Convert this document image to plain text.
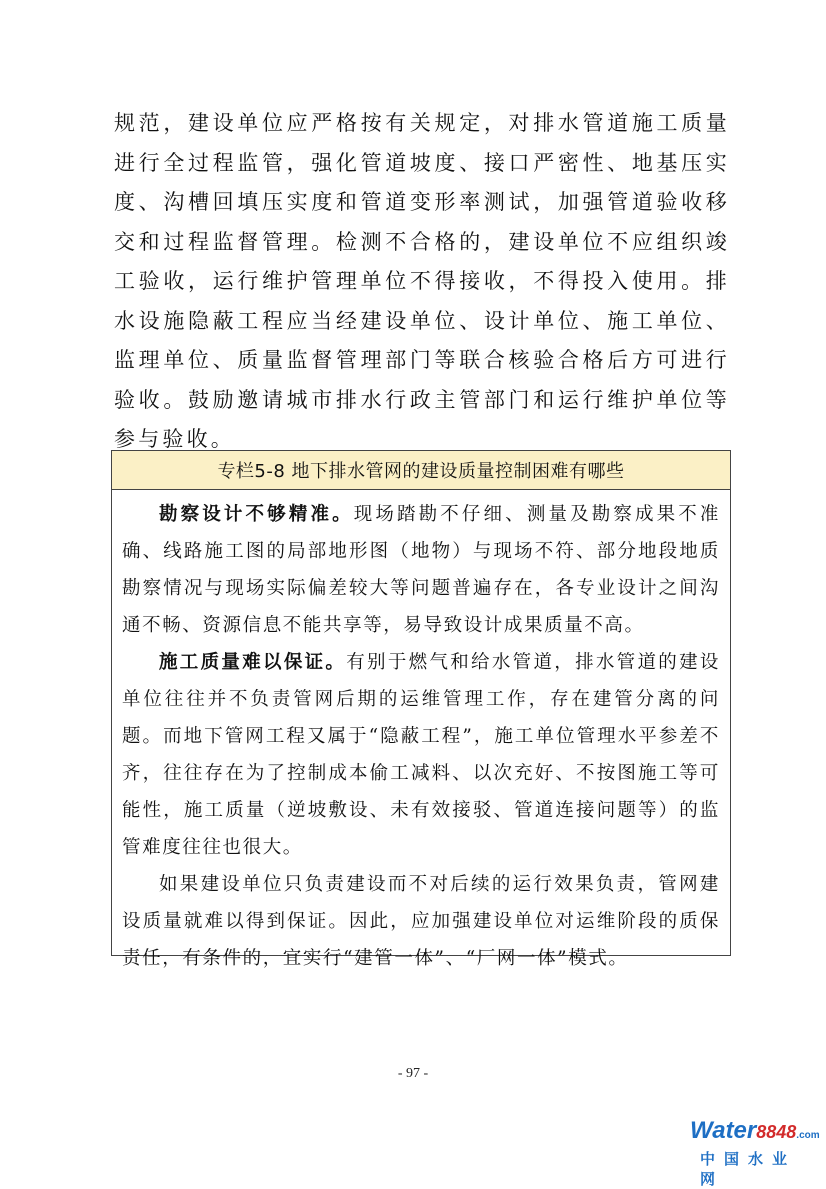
规范，建设单位应严格按有关规定，对排水管道施工质量进行全过程监管，强化管道坡度、接口严密性、地基压实度、沟槽回填压实度和管道变形率测试，加强管道验收移交和过程监督管理。检测不合格的，建设单位不应组织竣工验收，运行维护管理单位不得接收，不得投入使用。排水设施隐蔽工程应当经建设单位、设计单位、施工单位、监理单位、质量监督管理部门等联合核验合格后方可进行验收。鼓励邀请城市排水行政主管部门和运行维护单位等参与验收。

专栏5-8 地下排水管网的建设质量控制困难有哪些

勘察设计不够精准。现场踏勘不仔细、测量及勘察成果不准确、线路施工图的局部地形图（地物）与现场不符、部分地段地质勘察情况与现场实际偏差较大等问题普遍存在，各专业设计之间沟通不畅、资源信息不能共享等，易导致设计成果质量不高。

施工质量难以保证。有别于燃气和给水管道，排水管道的建设单位往往并不负责管网后期的运维管理工作，存在建管分离的问题。而地下管网工程又属于“隐蔽工程”，施工单位管理水平参差不齐，往往存在为了控制成本偷工减料、以次充好、不按图施工等可能性，施工质量（逆坡敷设、未有效接驳、管道连接问题等）的监管难度往往也很大。

如果建设单位只负责建设而不对后续的运行效果负责，管网建设质量就难以得到保证。因此，应加强建设单位对运维阶段的质保责任，有条件的，宜实行“建管一体”、“厂网一体”模式。

- 97 -
Water8848.com
中国水业网
